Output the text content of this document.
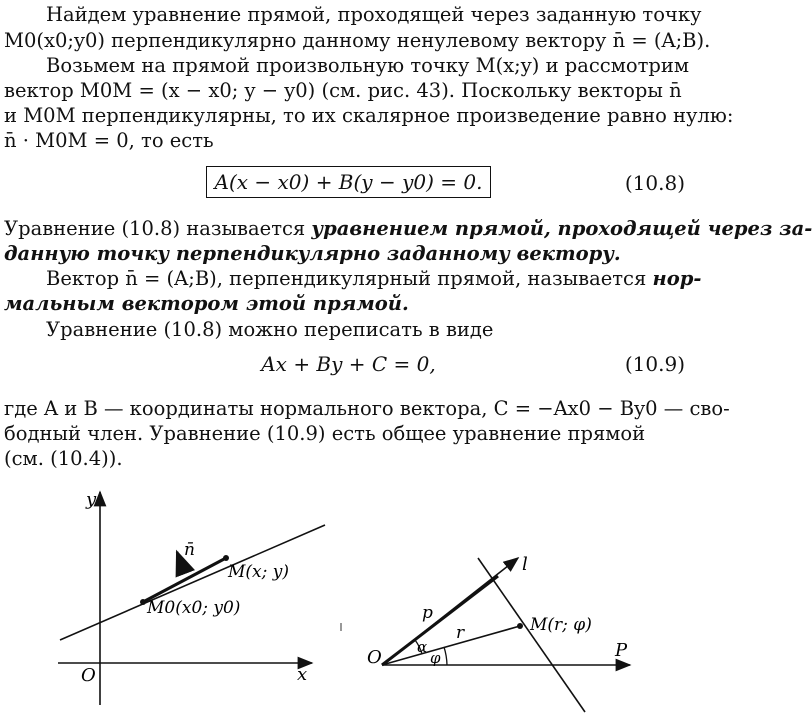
Найдем уравнение прямой, проходящей через заданную точку
M0(x0;y0) перпендикулярно данному ненулевому вектору n̄ = (A;B).
Возьмем на прямой произвольную точку M(x;y) и рассмотрим
вектор M0M = (x − x0; y − y0) (см. рис. 43). Поскольку векторы n̄
и M0M перпендикулярны, то их скалярное произведение равно нулю:
n̄ · M0M = 0, то есть
A(x − x0) + B(y − y0) = 0.	(10.8)
Уравнение (10.8) называется уравнением прямой, проходящей через за-
данную точку перпендикулярно заданному вектору.
Вектор n̄ = (A;B), перпендикулярный прямой, называется нор-
мальным вектором этой прямой.
Уравнение (10.8) можно переписать в виде
Ax + By + C = 0,	(10.9)
где A и B — координаты нормального вектора, C = −Ax0 − By0 — сво-
бодный член. Уравнение (10.9) есть общее уравнение прямой
(см. (10.4)).
n̄
y
x
O
M(x; y)
M0(x0; y0)
O	P
l
p
r
α
φ
M(r; φ)
